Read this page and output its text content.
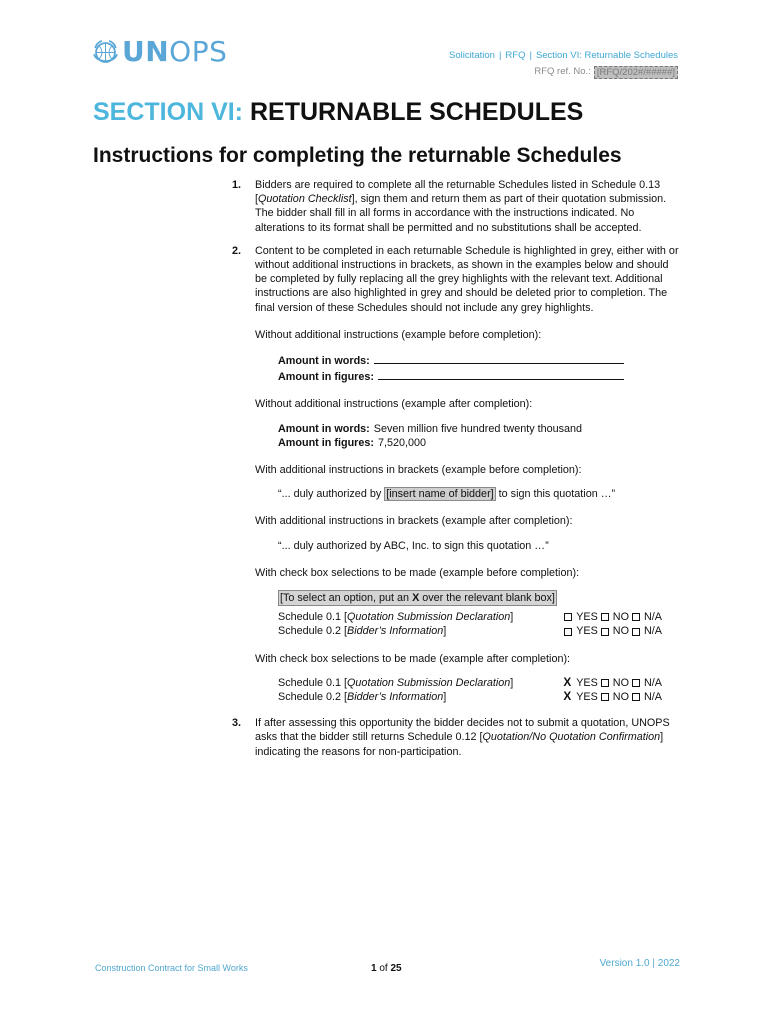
UNOPS	Solicitation | RFQ | Section VI: Returnable Schedules
RFQ ref. No.: [RFQ/202#/#####]
SECTION VI: RETURNABLE SCHEDULES
Instructions for completing the returnable Schedules
1. Bidders are required to complete all the returnable Schedules listed in Schedule 0.13 [Quotation Checklist], sign them and return them as part of their quotation submission. The bidder shall fill in all forms in accordance with the instructions indicated. No alterations to its format shall be permitted and no substitutions shall be accepted.

2. Content to be completed in each returnable Schedule is highlighted in grey, either with or without additional instructions in brackets, as shown in the examples below and should be completed by fully replacing all the grey highlights with the relevant text. Additional instructions are also highlighted in grey and should be deleted prior to completion. The final version of these Schedules should not include any grey highlights.

Without additional instructions (example before completion):

Amount in words:
Amount in figures:

Without additional instructions (example after completion):

Amount in words: Seven million five hundred twenty thousand
Amount in figures: 7,520,000

With additional instructions in brackets (example before completion):

“... duly authorized by [insert name of bidder] to sign this quotation …”

With additional instructions in brackets (example after completion):

“... duly authorized by ABC, Inc. to sign this quotation …”

With check box selections to be made (example before completion):

[To select an option, put an X over the relevant blank box]
Schedule 0.1 [Quotation Submission Declaration]	YES NO N/A
Schedule 0.2 [Bidder’s Information]	YES NO N/A

With check box selections to be made (example after completion):

Schedule 0.1 [Quotation Submission Declaration]	X YES NO N/A
Schedule 0.2 [Bidder’s Information]	X YES NO N/A
3. If after assessing this opportunity the bidder decides not to submit a quotation, UNOPS asks that the bidder still returns Schedule 0.12 [Quotation/No Quotation Confirmation] indicating the reasons for non-participation.

Construction Contract for Small Works	1 of 25	Version 1.0 | 2022
